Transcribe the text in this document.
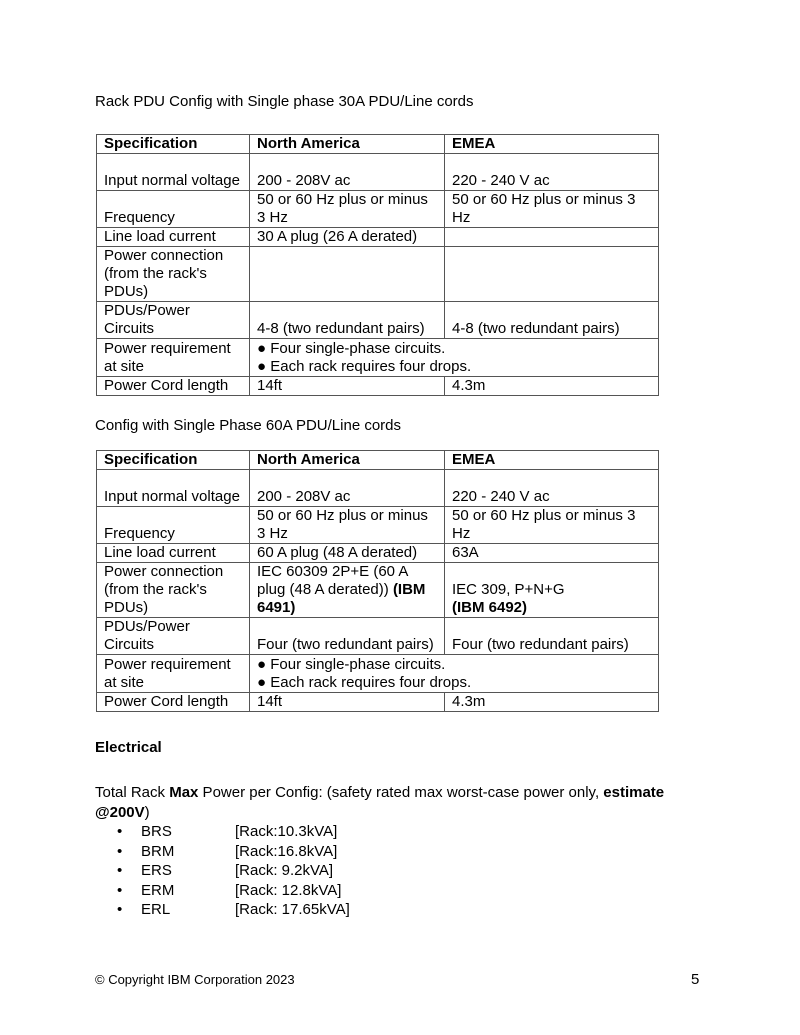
Rack PDU Config with Single phase 30A PDU/Line cords
Specification	North America	EMEA
Input normal voltage	200 - 208V ac	220 - 240 V ac
Frequency	50 or 60 Hz plus or minus 3 Hz	50 or 60 Hz plus or minus 3 Hz
Line load current	30 A plug (26 A derated)	
Power connection (from the rack's PDUs)		
PDUs/Power Circuits	4-8 (two redundant pairs)	4-8 (two redundant pairs)
Power requirement at site	● Four single-phase circuits.
● Each rack requires four drops.	

Power Cord length	14ft	4.3m
Config with Single Phase 60A PDU/Line cords
Specification	North America	EMEA
Input normal voltage	200 - 208V ac	220 - 240 V ac
Frequency	50 or 60 Hz plus or minus 3 Hz	50 or 60 Hz plus or minus 3 Hz
Line load current	60 A plug (48 A derated)	63A
Power connection (from the rack's PDUs)	IEC 60309 2P+E (60 A plug (48 A derated)) (IBM 6491)	IEC 309, P+N+G
(IBM 6492)

PDUs/Power Circuits	Four (two redundant pairs)	Four (two redundant pairs)
Power requirement at site	● Four single-phase circuits.
● Each rack requires four drops.	

Power Cord length	14ft	4.3m
Electrical
Total Rack Max Power per Config: (safety rated max worst-case power only, estimate @200V)
• BRS	[Rack:10.3kVA]
• BRM	[Rack:16.8kVA]
• ERS	[Rack: 9.2kVA]
• ERM	[Rack: 12.8kVA]
• ERL	[Rack: 17.65kVA]
© Copyright IBM Corporation 2023	5
